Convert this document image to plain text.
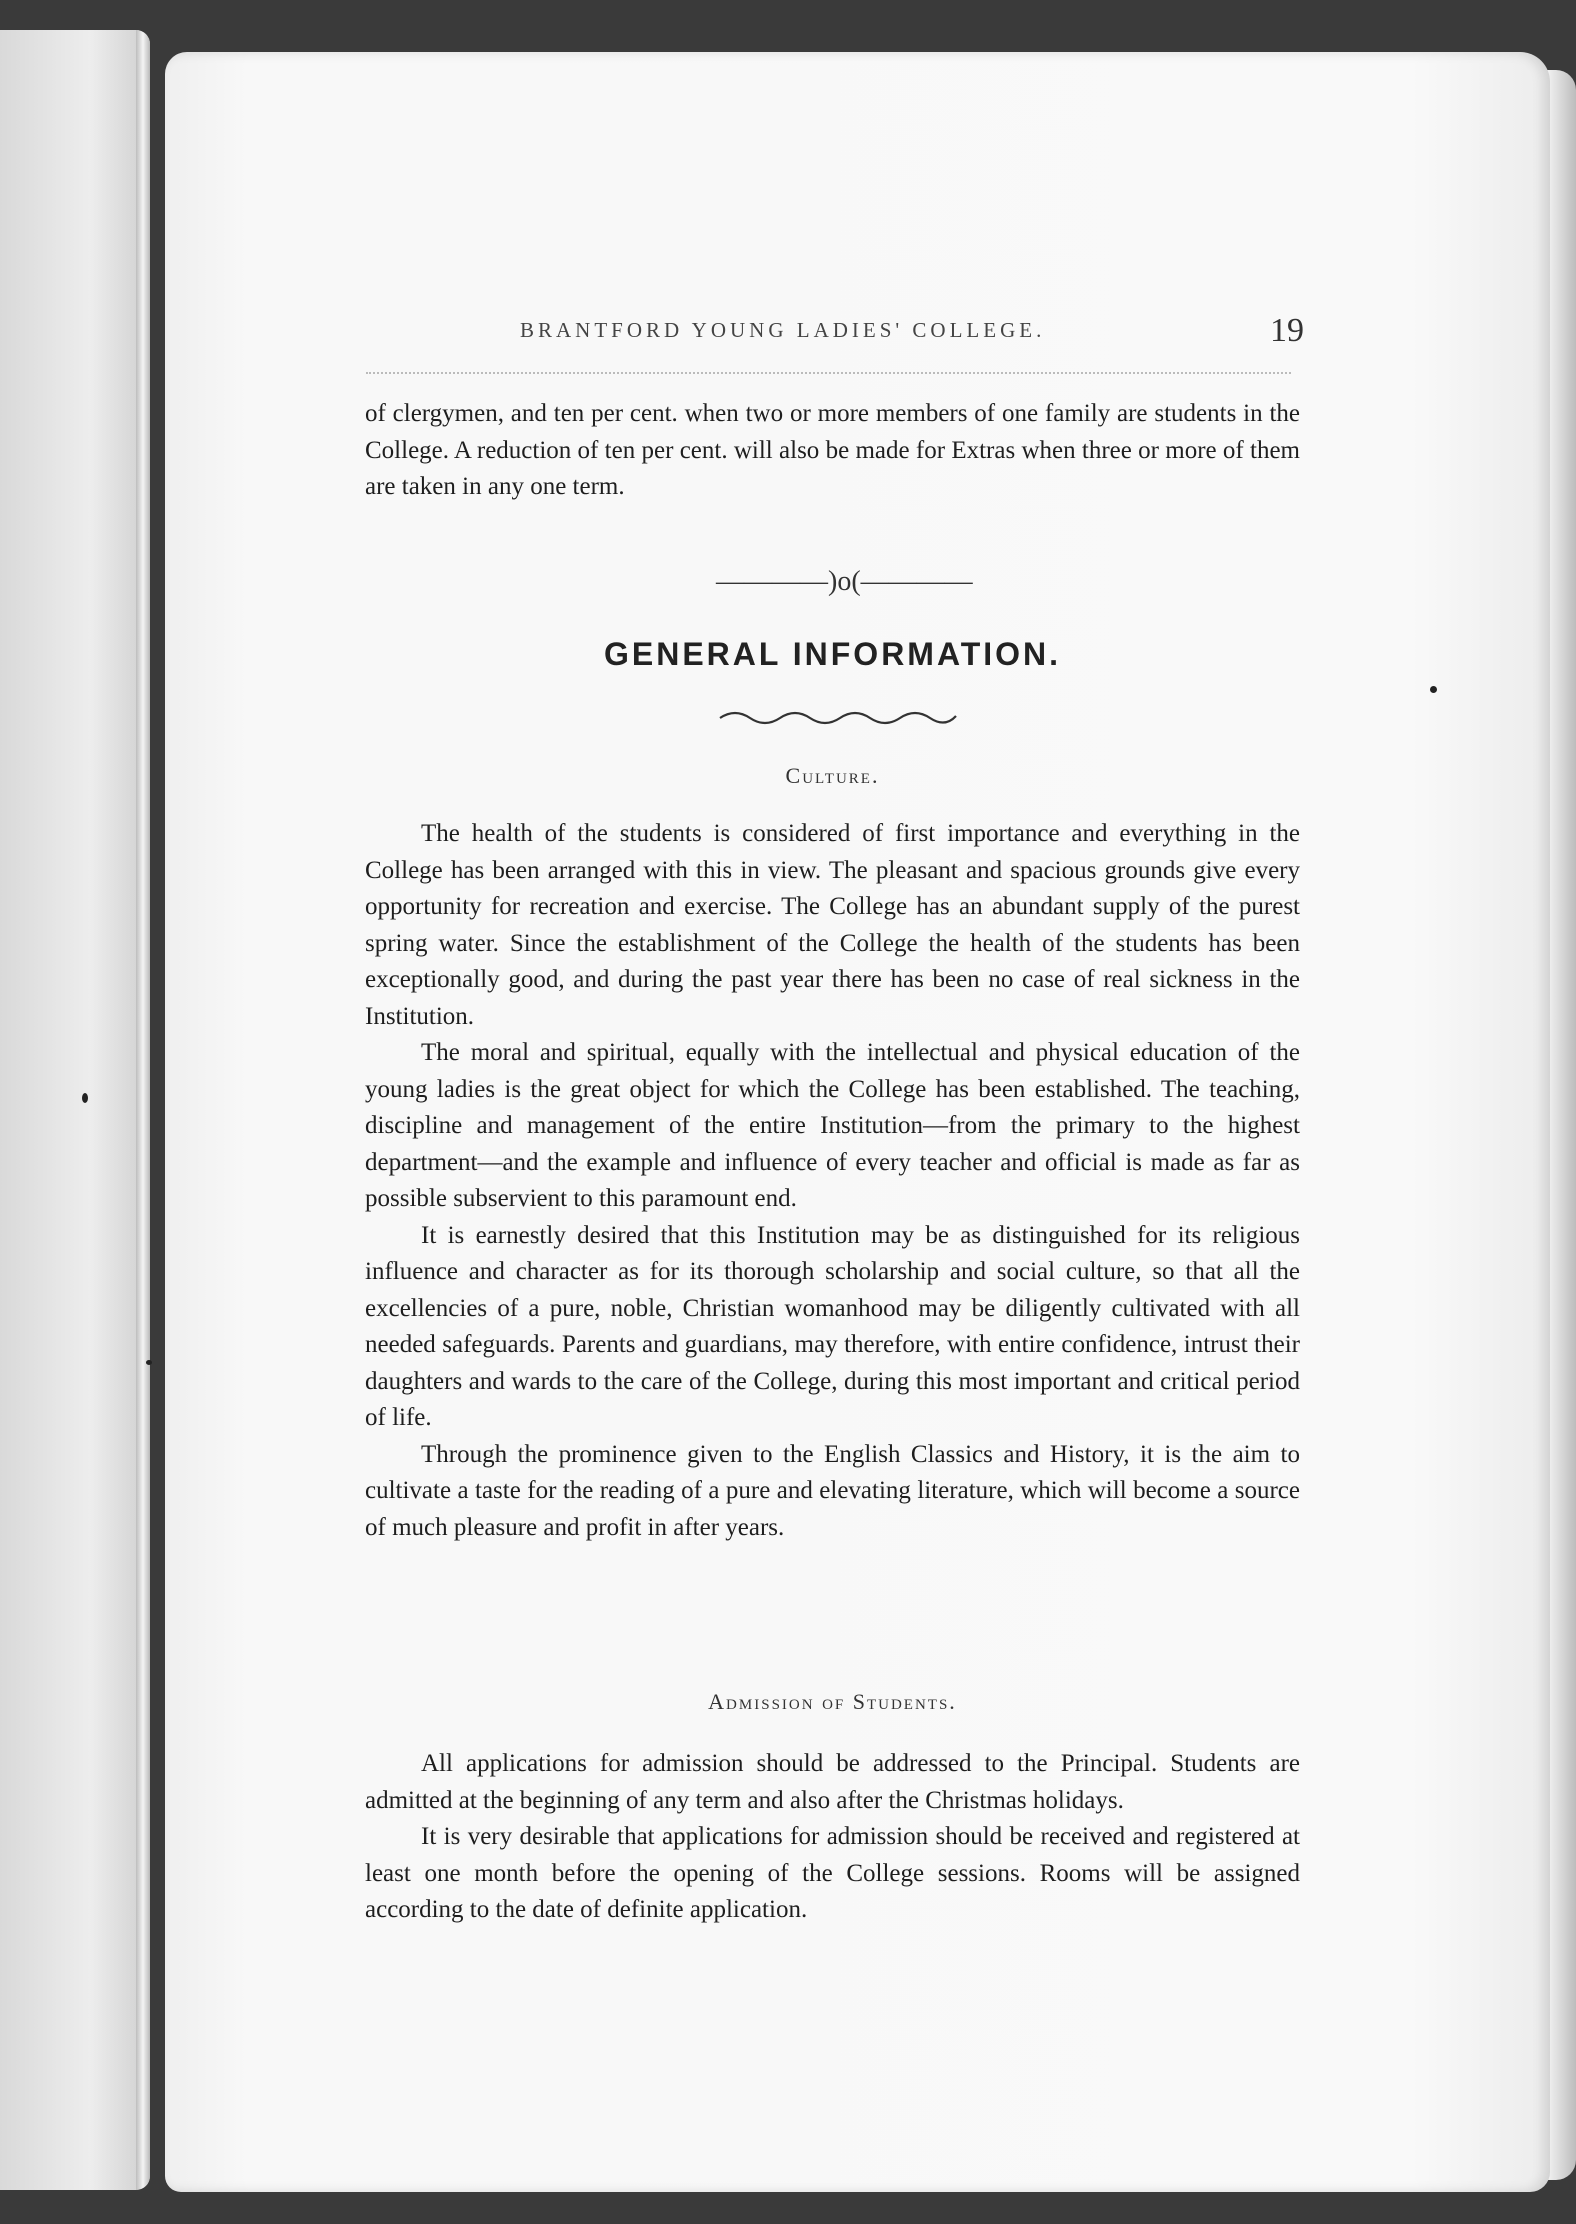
BRANTFORD YOUNG LADIES' COLLEGE.	19

of clergymen, and ten per cent. when two or more members of one family are students in the College. A reduction of ten per cent. will also be made for Extras when three or more of them are taken in any one term.

————)o(————
GENERAL INFORMATION.
Culture.

The health of the students is considered of first importance and everything in the College has been arranged with this in view. The pleasant and spacious grounds give every opportunity for recreation and exercise. The College has an abundant supply of the purest spring water. Since the establishment of the College the health of the students has been exceptionally good, and during the past year there has been no case of real sickness in the Institution.

The moral and spiritual, equally with the intellectual and physical education of the young ladies is the great object for which the College has been established. The teaching, discipline and management of the entire Institution—from the primary to the highest department—and the example and influence of every teacher and official is made as far as possible subservient to this paramount end.

It is earnestly desired that this Institution may be as distinguished for its religious influence and character as for its thorough scholarship and social culture, so that all the excellencies of a pure, noble, Christian womanhood may be diligently cultivated with all needed safeguards. Parents and guardians, may therefore, with entire confidence, intrust their daughters and wards to the care of the College, during this most important and critical period of life.

Through the prominence given to the English Classics and History, it is the aim to cultivate a taste for the reading of a pure and elevating literature, which will become a source of much pleasure and profit in after years.

Admission of Students.

All applications for admission should be addressed to the Principal. Students are admitted at the beginning of any term and also after the Christmas holidays.

It is very desirable that applications for admission should be received and registered at least one month before the opening of the College sessions. Rooms will be assigned according to the date of definite application.
